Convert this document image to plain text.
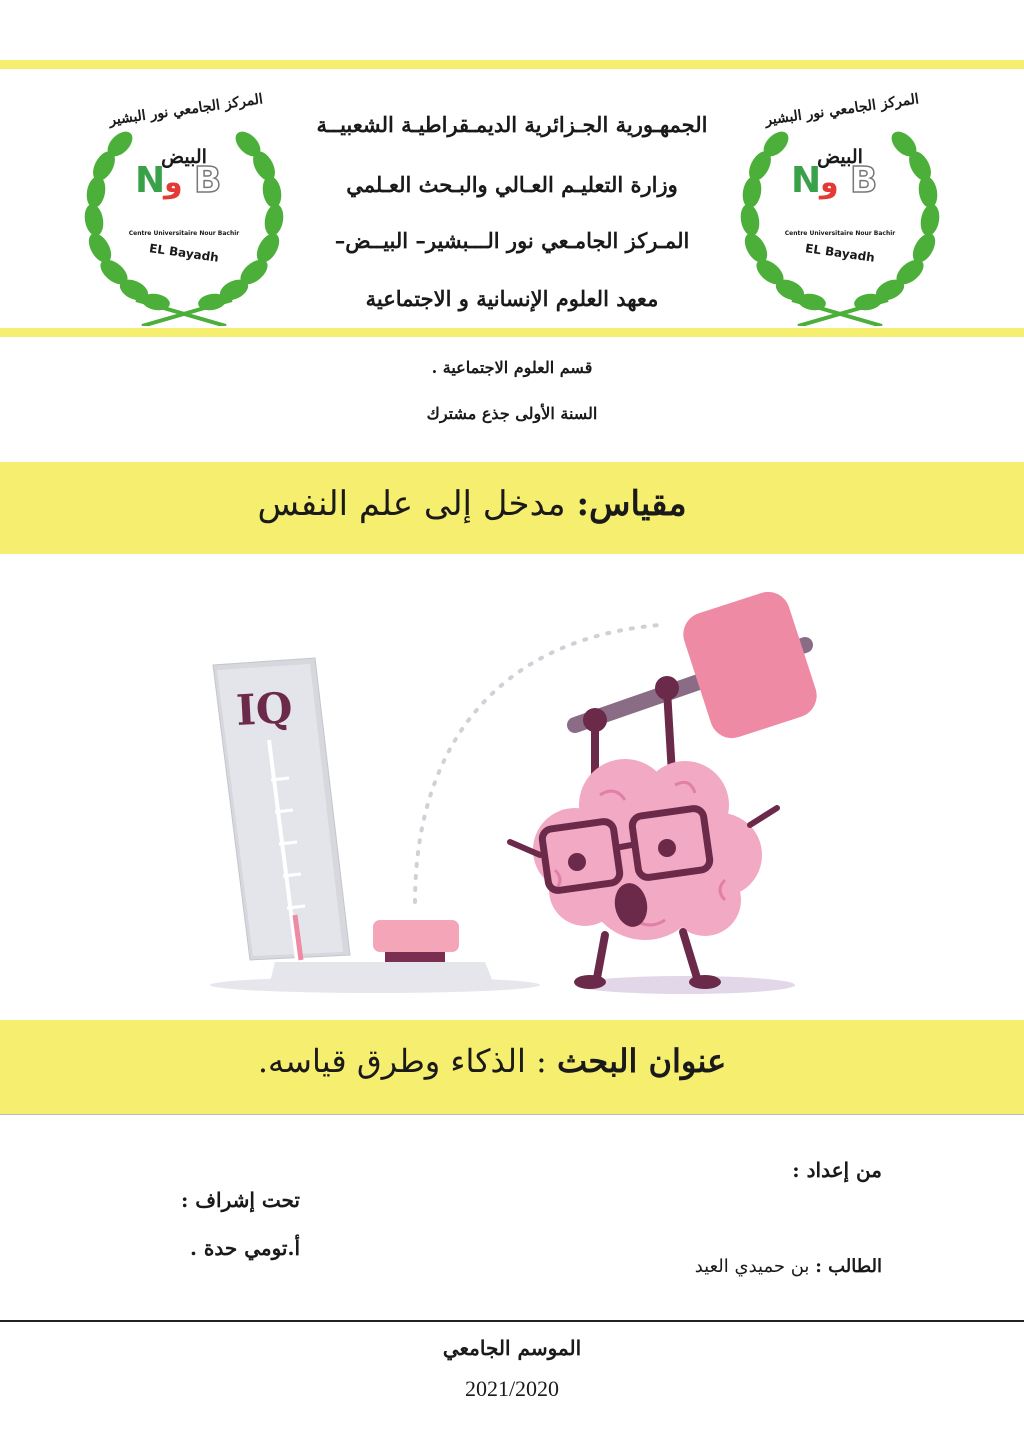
N
و B
المركز الجامعي نور البشير
البيض
Centre Universitaire Nour Bachir
EL Bayadh
N
و B
المركز الجامعي نور البشير
البيض
Centre Universitaire Nour Bachir
EL Bayadh
الجمهـورية الجـزائرية الديمـقراطيـة الشعبيــة
وزارة التعليـم العـالي والبـحث العـلمي
المـركز الجامـعي نور الـــبشير– البيــض–
معهد العلوم الإنسانية و الاجتماعية
قسم العلوم الاجتماعية .
السنة الأولى جذع مشترك
مقياس: مدخل إلى علم النفس
IQ
عنوان البحث : الذكاء وطرق قياسه.
من إعداد :
الطالب : بن حميدي العيد
تحت إشراف :
أ.تومي حدة .
الموسم الجامعي
2021/2020
